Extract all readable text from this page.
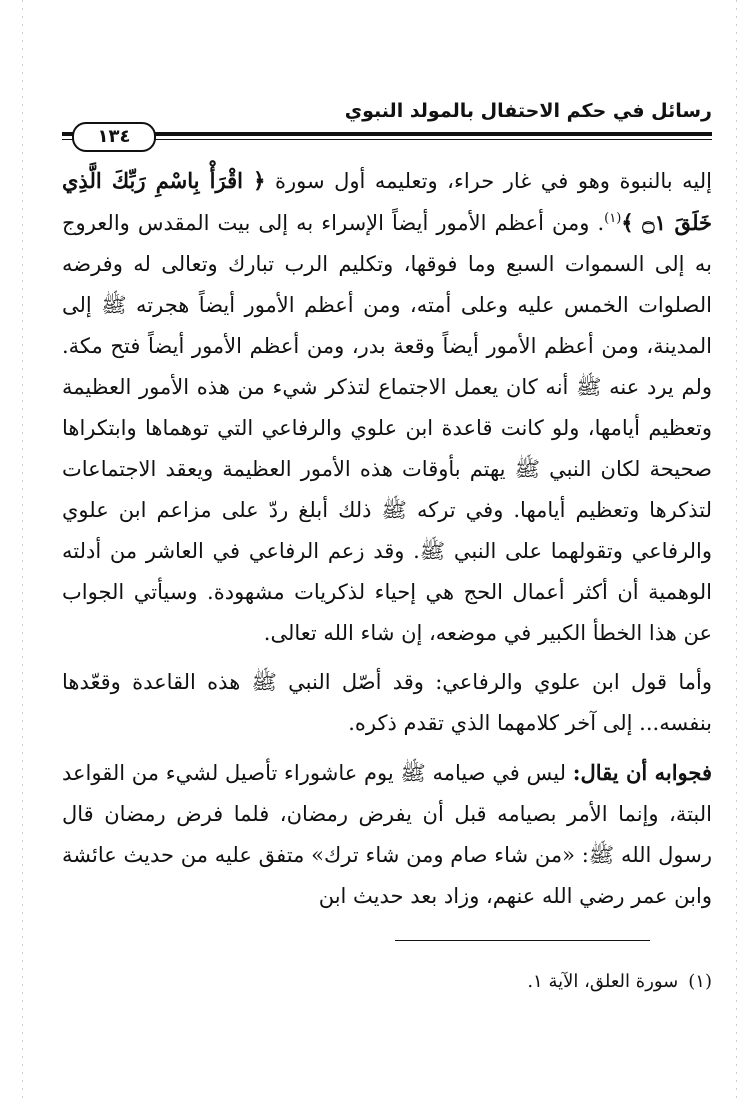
رسائل في حكم الاحتفال بالمولد النبوي
١٣٤

إليه بالنبوة وهو في غار حراء، وتعليمه أول سورة ﴿ اقْرَأْ بِاسْمِ رَبِّكَ الَّذِي خَلَقَ ۝١ ﴾$^{(١)}$. ومن أعظم الأمور أيضاً الإسراء به إلى بيت المقدس والعروج به إلى السموات السبع وما فوقها، وتكليم الرب تبارك وتعالى له وفرضه الصلوات الخمس عليه وعلى أمته، ومن أعظم الأمور أيضاً هجرته ﷺ إلى المدينة، ومن أعظم الأمور أيضاً وقعة بدر، ومن أعظم الأمور أيضاً فتح مكة. ولم يرد عنه ﷺ أنه كان يعمل الاجتماع لتذكر شيء من هذه الأمور العظيمة وتعظيم أيامها، ولو كانت قاعدة ابن علوي والرفاعي التي توهماها وابتكراها صحيحة لكان النبي ﷺ يهتم بأوقات هذه الأمور العظيمة ويعقد الاجتماعات لتذكرها وتعظيم أيامها. وفي تركه ﷺ ذلك أبلغ ردّ على مزاعم ابن علوي والرفاعي وتقولهما على النبي ﷺ. وقد زعم الرفاعي في العاشر من أدلته الوهمية أن أكثر أعمال الحج هي إحياء لذكريات مشهودة. وسيأتي الجواب عن هذا الخطأ الكبير في موضعه، إن شاء الله تعالى.

وأما قول ابن علوي والرفاعي: وقد أصّل النبي ﷺ هذه القاعدة وقعّدها بنفسه... إلى آخر كلامهما الذي تقدم ذكره.

فجوابه أن يقال: ليس في صيامه ﷺ يوم عاشوراء تأصيل لشيء من القواعد البتة، وإنما الأمر بصيامه قبل أن يفرض رمضان، فلما فرض رمضان قال رسول الله ﷺ: «من شاء صام ومن شاء ترك» متفق عليه من حديث عائشة وابن عمر رضي الله عنهم، وزاد بعد حديث ابن

(١)سورة العلق، الآية ١.
